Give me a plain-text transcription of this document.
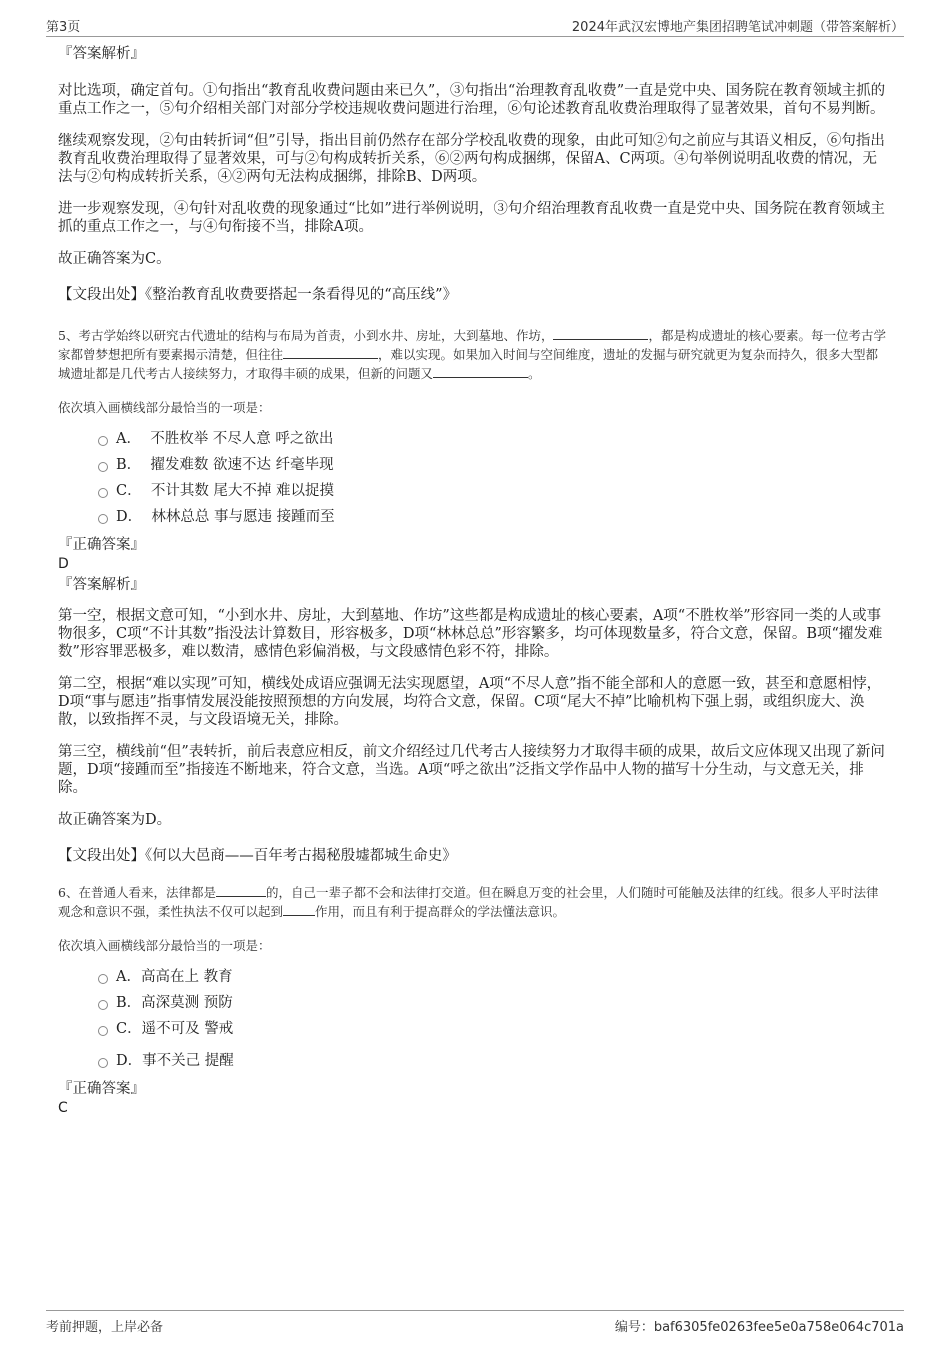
第3页	2024年武汉宏博地产集团招聘笔试冲刺题（带答案解析）

『答案解析』

对比选项，确定首句。①句指出“教育乱收费问题由来已久”，③句指出“治理教育乱收费”一直是党中央、国务院在教育领域主抓的重点工作之一，⑤句介绍相关部门对部分学校违规收费问题进行治理，⑥句论述教育乱收费治理取得了显著效果，首句不易判断。

继续观察发现，②句由转折词“但”引导，指出目前仍然存在部分学校乱收费的现象，由此可知②句之前应与其语义相反，⑥句指出教育乱收费治理取得了显著效果，可与②句构成转折关系，⑥②两句构成捆绑，保留A、C两项。④句举例说明乱收费的情况，无法与②句构成转折关系，④②两句无法构成捆绑，排除B、D两项。

进一步观察发现，④句针对乱收费的现象通过“比如”进行举例说明，③句介绍治理教育乱收费一直是党中央、国务院在教育领域主抓的重点工作之一，与④句衔接不当，排除A项。

故正确答案为C。

【文段出处】《整治教育乱收费要搭起一条看得见的“高压线”》

5、考古学始终以研究古代遗址的结构与布局为首责，小到水井、房址，大到墓地、作坊，	，都是构成遗址的核心要素。每一位考古学家都曾梦想把所有要素揭示清楚，但往往	，难以实现。如果加入时间与空间维度，遗址的发掘与研究就更为复杂而持久，很多大型都城遗址都是几代考古人接续努力，才取得丰硕的成果，但新的问题又	。

依次填入画横线部分最恰当的一项是：

A． 不胜枚举 不尽人意 呼之欲出
B． 擢发难数 欲速不达 纤毫毕现
C． 不计其数 尾大不掉 难以捉摸
D． 林林总总 事与愿违 接踵而至

『正确答案』

D

『答案解析』

第一空，根据文意可知，“小到水井、房址，大到墓地、作坊”这些都是构成遗址的核心要素，A项“不胜枚举”形容同一类的人或事物很多，C项“不计其数”指没法计算数目，形容极多，D项“林林总总”形容繁多，均可体现数量多，符合文意，保留。B项“擢发难数”形容罪恶极多，难以数清，感情色彩偏消极，与文段感情色彩不符，排除。

第二空，根据“难以实现”可知，横线处成语应强调无法实现愿望，A项“不尽人意”指不能全部和人的意愿一致，甚至和意愿相悖，D项“事与愿违”指事情发展没能按照预想的方向发展，均符合文意，保留。C项“尾大不掉”比喻机构下强上弱，或组织庞大、涣散，以致指挥不灵，与文段语境无关，排除。

第三空，横线前“但”表转折，前后表意应相反，前文介绍经过几代考古人接续努力才取得丰硕的成果，故后文应体现又出现了新问题，D项“接踵而至”指接连不断地来，符合文意，当选。A项“呼之欲出”泛指文学作品中人物的描写十分生动，与文意无关，排除。

故正确答案为D。

【文段出处】《何以大邑商——百年考古揭秘殷墟都城生命史》

6、在普通人看来，法律都是	的，自己一辈子都不会和法律打交道。但在瞬息万变的社会里，人们随时可能触及法律的红线。很多人平时法律观念和意识不强，柔性执法不仅可以起到	作用，而且有利于提高群众的学法懂法意识。

依次填入画横线部分最恰当的一项是：

A．高高在上 教育
B．高深莫测 预防
C．遥不可及 警戒
D．事不关己 提醒

『正确答案』

C

考前押题，上岸必备	编号：baf6305fe0263fee5e0a758e064c701a
